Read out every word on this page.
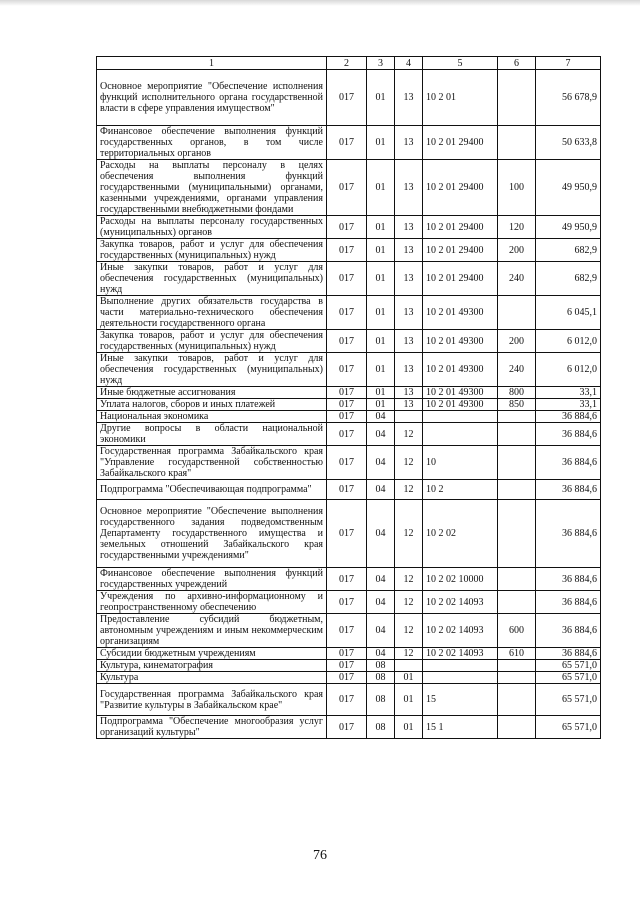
1	2	3	4	5	6	7
Основное мероприятие "Обеспечение исполнения функций исполнительного органа государственной власти в сфере управления имуществом"	017	01	13	10 2 01		56 678,9
Финансовое обеспечение выполнения функций государственных органов, в том числе территориальных органов	017	01	13	10 2 01 29400		50 633,8
Расходы на выплаты персоналу в целях обеспечения выполнения функций государственными (муниципальными) органами, казенными учреждениями, органами управления государственными внебюджетными фондами	017	01	13	10 2 01 29400	100	49 950,9
Расходы на выплаты персоналу государственных (муниципальных) органов	017	01	13	10 2 01 29400	120	49 950,9
Закупка товаров, работ и услуг для обеспечения государственных (муниципальных) нужд	017	01	13	10 2 01 29400	200	682,9
Иные закупки товаров, работ и услуг для обеспечения государственных (муниципальных) нужд	017	01	13	10 2 01 29400	240	682,9
Выполнение других обязательств государства в части материально-технического обеспечения деятельности государственного органа	017	01	13	10 2 01 49300		6 045,1
Закупка товаров, работ и услуг для обеспечения государственных (муниципальных) нужд	017	01	13	10 2 01 49300	200	6 012,0
Иные закупки товаров, работ и услуг для обеспечения государственных (муниципальных) нужд	017	01	13	10 2 01 49300	240	6 012,0
Иные бюджетные ассигнования	017	01	13	10 2 01 49300	800	33,1
Уплата налогов, сборов и иных платежей	017	01	13	10 2 01 49300	850	33,1
Национальная экономика	017	04				36 884,6
Другие вопросы в области национальной экономики	017	04	12			36 884,6
Государственная программа Забайкальского края "Управление государственной собственностью Забайкальского края"	017	04	12	10		36 884,6
Подпрограмма "Обеспечивающая подпрограмма"	017	04	12	10 2		36 884,6
Основное мероприятие "Обеспечение выполнения государственного задания подведомственным Департаменту государственного имущества и земельных отношений Забайкальского края государственными учреждениями"	017	04	12	10 2 02		36 884,6
Финансовое обеспечение выполнения функций государственных учреждений	017	04	12	10 2 02 10000		36 884,6
Учреждения по архивно-информационному и геопространственному обеспечению	017	04	12	10 2 02 14093		36 884,6
Предоставление субсидий бюджетным, автономным учреждениям и иным некоммерческим организациям	017	04	12	10 2 02 14093	600	36 884,6
Субсидии бюджетным учреждениям	017	04	12	10 2 02 14093	610	36 884,6
Культура, кинематография	017	08				65 571,0
Культура	017	08	01			65 571,0
Государственная программа Забайкальского края "Развитие культуры в Забайкальском крае"	017	08	01	15		65 571,0
Подпрограмма "Обеспечение многообразия услуг организаций культуры"	017	08	01	15 1		65 571,0
76
